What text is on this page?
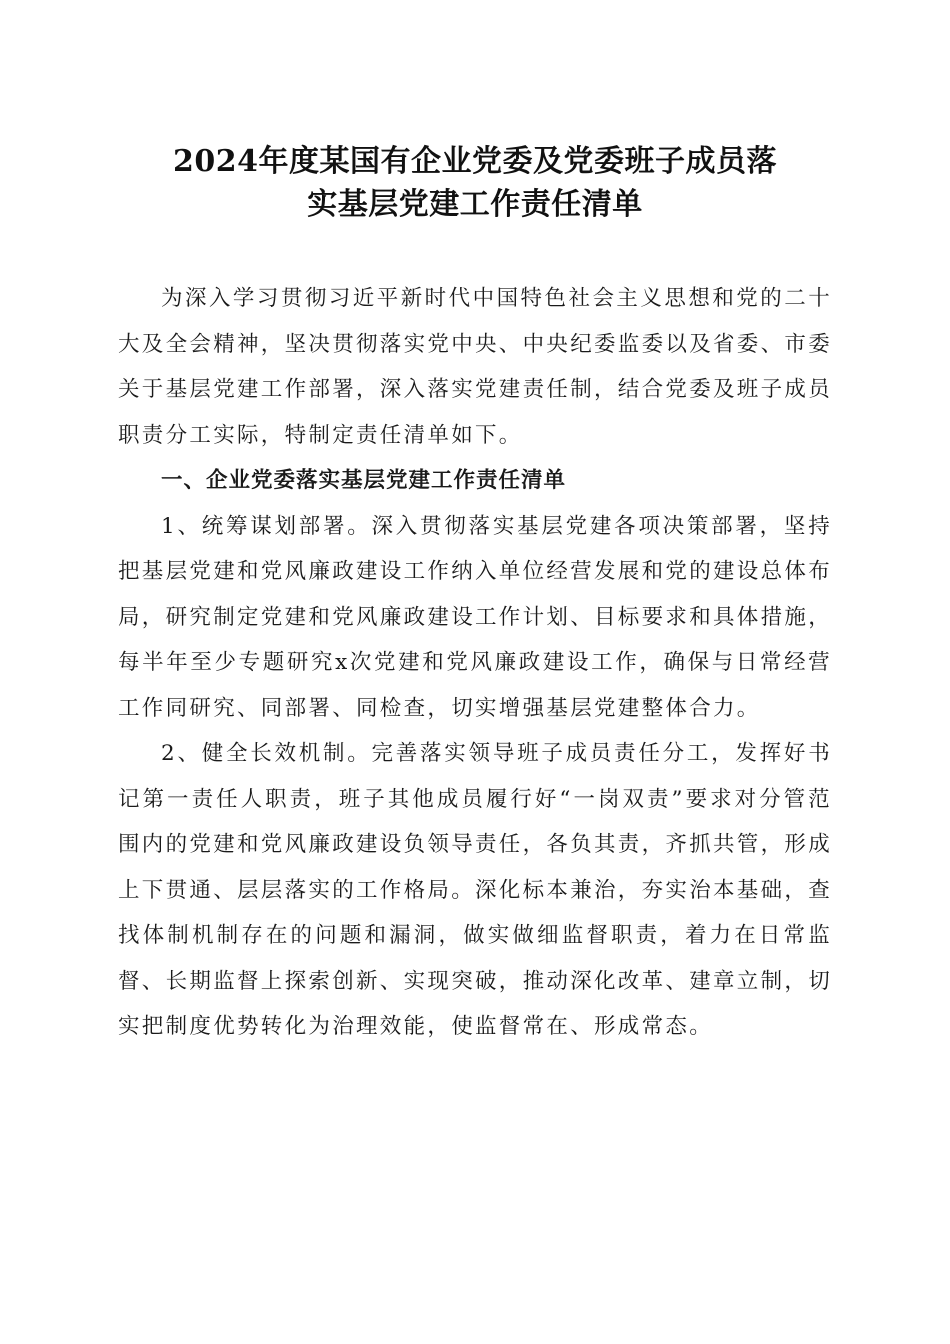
2024年度某国有企业党委及党委班子成员落
实基层党建工作责任清单

为深入学习贯彻习近平新时代中国特色社会主义思想和党的二十大及全会精神，坚决贯彻落实党中央、中央纪委监委以及省委、市委关于基层党建工作部署，深入落实党建责任制，结合党委及班子成员职责分工实际，特制定责任清单如下。

一、企业党委落实基层党建工作责任清单

1、统筹谋划部署。深入贯彻落实基层党建各项决策部署，坚持把基层党建和党风廉政建设工作纳入单位经营发展和党的建设总体布局，研究制定党建和党风廉政建设工作计划、目标要求和具体措施，每半年至少专题研究x次党建和党风廉政建设工作，确保与日常经营工作同研究、同部署、同检查，切实增强基层党建整体合力。

2、健全长效机制。完善落实领导班子成员责任分工，发挥好书记第一责任人职责，班子其他成员履行好“一岗双责”要求对分管范围内的党建和党风廉政建设负领导责任，各负其责，齐抓共管，形成上下贯通、层层落实的工作格局。深化标本兼治，夯实治本基础，查找体制机制存在的问题和漏洞，做实做细监督职责，着力在日常监督、长期监督上探索创新、实现突破，推动深化改革、建章立制，切实把制度优势转化为治理效能，使监督常在、形成常态。
